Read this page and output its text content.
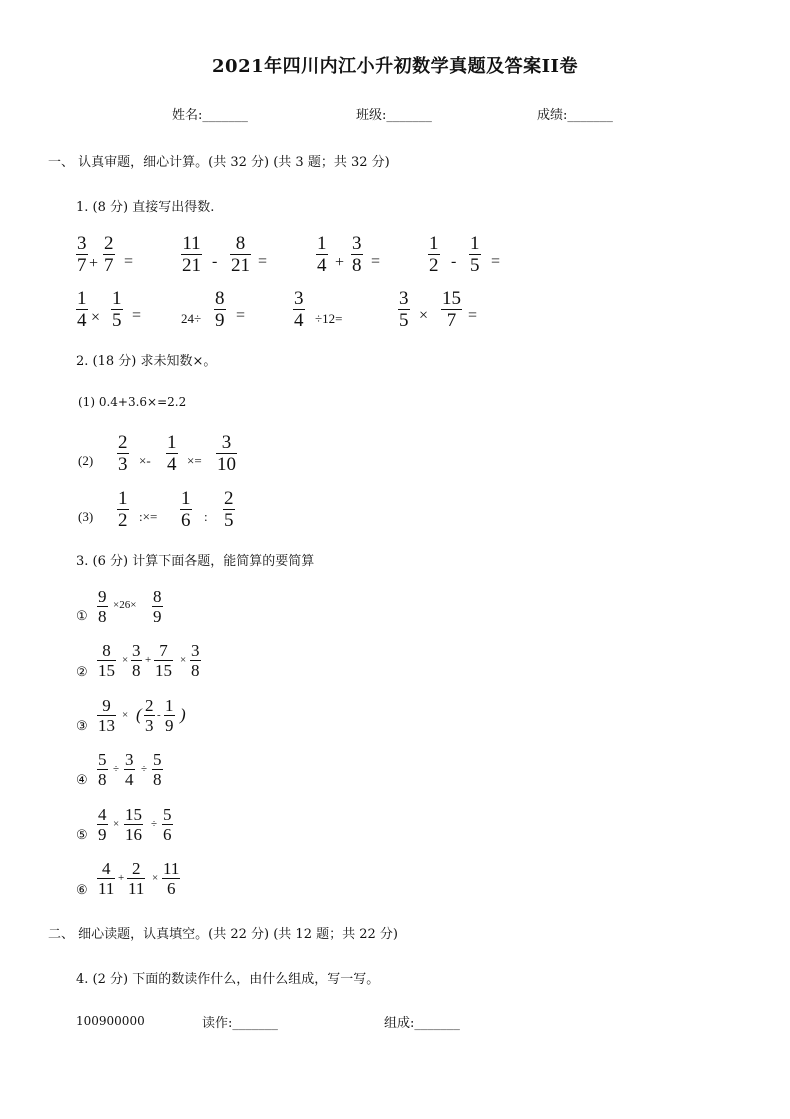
2021年四川内江小升初数学真题及答案II卷
姓名:_______	班级:_______	成绩:_______
一、 认真审题，细心计算。(共 32 分) (共 3 题；共 32 分)
1. (8 分) 直接写出得数.
3
7 +
2
7 =
11
21 -
8
21 =
1
4 +
3
8 =
1
2 -
1
5 =
1
4 ×
1
5 =	24÷
8
9 =
3
4 ÷12=
3
5 ×
15
7 =
2. (18 分) 求未知数×。
(1) 0.4+3.6×=2.2
(2)
2
3 ×-
1
4 ×=
3
10
(3)
1
2 :×=
1
6 :
2
5
3. (6 分) 计算下面各题，能简算的要简算
①
9
8
×26× 8
9
②
8
15
× 3
8
+ 7
15
× 3
8
③
9
13
× ( 2
3
- 1
9
)
④
5
8
÷ 3
4
÷ 5
8
⑤
4
9
× 15
16
÷ 5
6
⑥
4
11
+ 2
11
× 11
6
二、 细心读题，认真填空。(共 22 分) (共 12 题；共 22 分)
4. (2 分) 下面的数读作什么，由什么组成，写一写。
100900000	读作:_______	组成:_______
